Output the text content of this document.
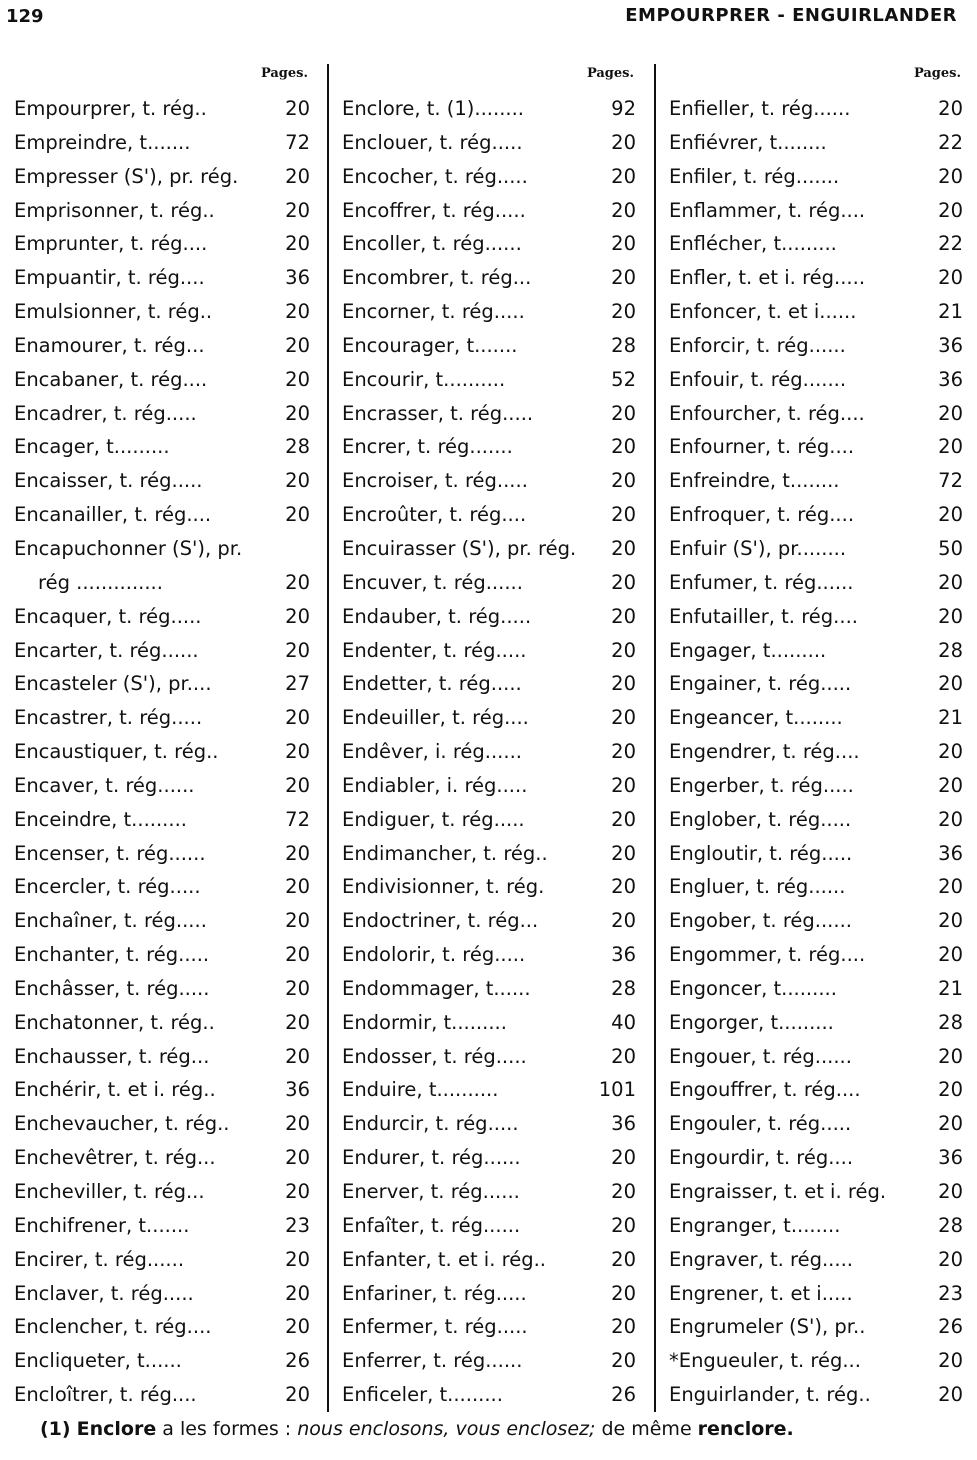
129	EMPOURPRER - ENGUIRLANDER
Pages.
Empourprer, t. rég..	20
Empreindre, t.......	72
Empresser (S'), pr. rég. 20
Emprisonner, t. rég..	20
Emprunter, t. rég....	20
Empuantir, t. rég....	36
Emulsionner, t. rég..	20
Enamourer, t. rég...	20
Encabaner, t. rég....	20
Encadrer, t. rég.....	20
Encager, t.........	28
Encaisser, t. rég.....	20
Encanailler, t. rég....	20
Encapuchonner (S'), pr.
rég ..............	20
Encaquer, t. rég.....	20
Encarter, t. rég......	20
Encasteler (S'), pr....	27
Encastrer, t. rég.....	20
Encaustiquer, t. rég..	20
Encaver, t. rég......	20
Enceindre, t.........	72
Encenser, t. rég......	20
Encercler, t. rég.....	20
Enchaîner, t. rég.....	20
Enchanter, t. rég.....	20
Enchâsser, t. rég.....	20
Enchatonner, t. rég..	20
Enchausser, t. rég...	20
Enchérir, t. et i. rég..	36
Enchevaucher, t. rég..	20
Enchevêtrer, t. rég...	20
Encheviller, t. rég...	20
Enchifrener, t.......	23
Encirer, t. rég......	20
Enclaver, t. rég.....	20
Enclencher, t. rég....	20
Encliqueter, t......	26
Encloîtrer, t. rég....	20
Pages.
Enclore, t. (1)........	92
Enclouer, t. rég.....	20
Encocher, t. rég.....	20
Encoffrer, t. rég.....	20
Encoller, t. rég......	20
Encombrer, t. rég...	20
Encorner, t. rég.....	20
Encourager, t.......	28
Encourir, t..........	52
Encrasser, t. rég.....	20
Encrer, t. rég.......	20
Encroiser, t. rég.....	20
Encroûter, t. rég....	20
Encuirasser (S'), pr. rég. 20
Encuver, t. rég......	20
Endauber, t. rég.....	20
Endenter, t. rég.....	20
Endetter, t. rég.....	20
Endeuiller, t. rég....	20
Endêver, i. rég......	20
Endiabler, i. rég.....	20
Endiguer, t. rég.....	20
Endimancher, t. rég..	20
Endivisionner, t. rég.	20
Endoctriner, t. rég...	20
Endolorir, t. rég.....	36
Endommager, t......	28
Endormir, t.........	40
Endosser, t. rég.....	20
Enduire, t..........	101
Endurcir, t. rég.....	36
Endurer, t. rég......	20
Enerver, t. rég......	20
Enfaîter, t. rég......	20
Enfanter, t. et i. rég..	20
Enfariner, t. rég.....	20
Enfermer, t. rég.....	20
Enferrer, t. rég......	20
Enficeler, t.........	26
Pages.
Enfieller, t. rég......	20
Enfiévrer, t........	22
Enfiler, t. rég.......	20
Enflammer, t. rég....	20
Enflécher, t.........	22
Enfler, t. et i. rég.....	20
Enfoncer, t. et i......	21
Enforcir, t. rég......	36
Enfouir, t. rég.......	36
Enfourcher, t. rég....	20
Enfourner, t. rég....	20
Enfreindre, t........	72
Enfroquer, t. rég....	20
Enfuir (S'), pr........	50
Enfumer, t. rég......	20
Enfutailler, t. rég....	20
Engager, t.........	28
Engainer, t. rég.....	20
Engeancer, t........	21
Engendrer, t. rég....	20
Engerber, t. rég.....	20
Englober, t. rég.....	20
Engloutir, t. rég.....	36
Engluer, t. rég......	20
Engober, t. rég......	20
Engommer, t. rég....	20
Engoncer, t.........	21
Engorger, t.........	28
Engouer, t. rég......	20
Engouffrer, t. rég....	20
Engouler, t. rég.....	20
Engourdir, t. rég....	36
Engraisser, t. et i. rég.	20
Engranger, t........	28
Engraver, t. rég.....	20
Engrener, t. et i.....	23
Engrumeler (S'), pr..	26
*Engueuler, t. rég...	20
Enguirlander, t. rég..	20
(1) Enclore a les formes : nous enclosons, vous enclosez; de même renclore.
